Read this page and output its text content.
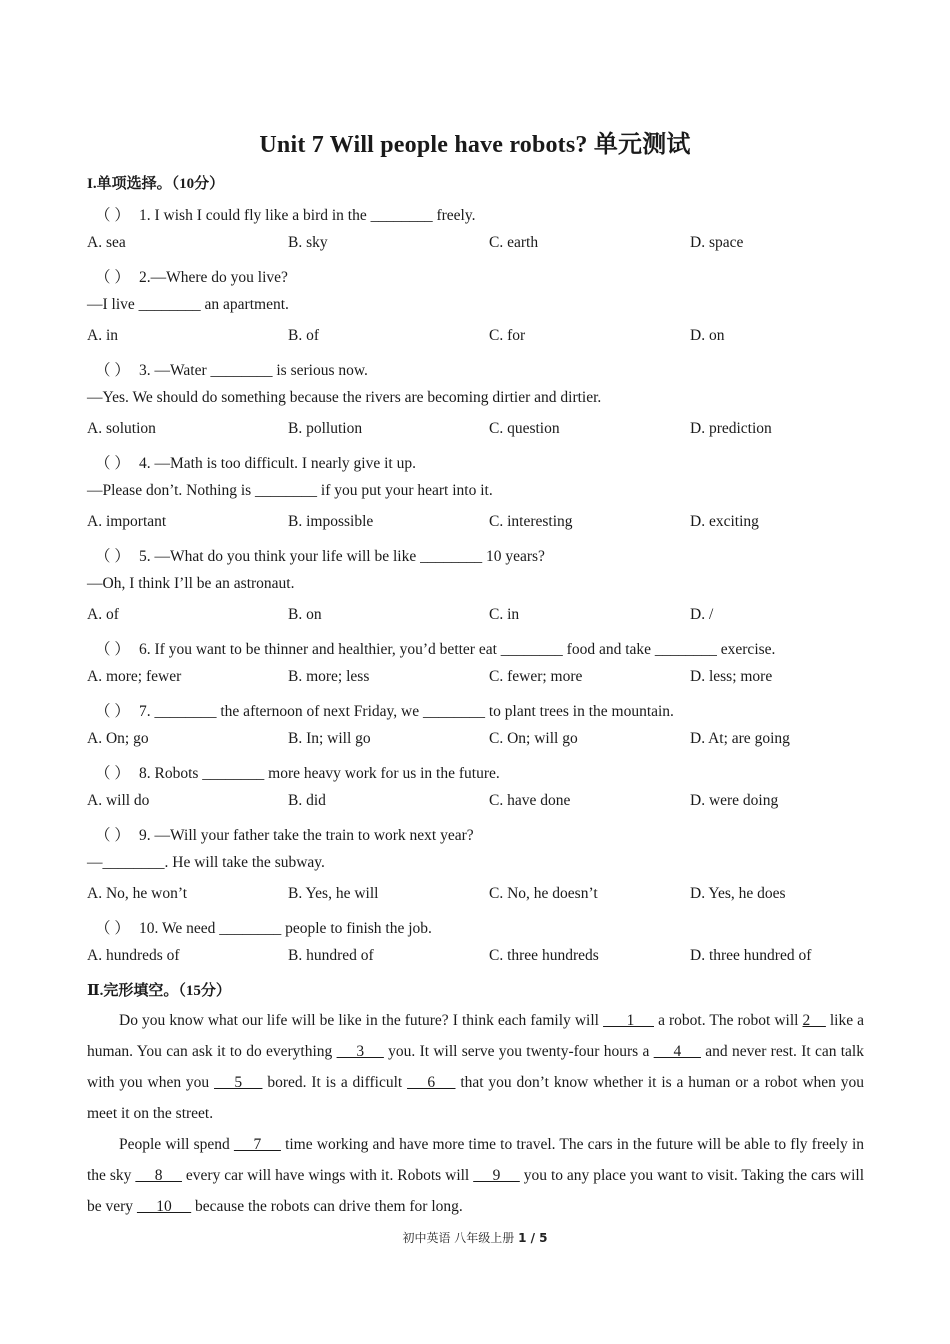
Unit 7 Will people have robots? 单元测试
I.单项选择。（10分）
（ ） 1. I wish I could fly like a bird in the ________ freely.
A. sea	B. sky	C. earth	D. space
（ ） 2.—Where do you live?
—I live ________ an apartment.
A. in	B. of	C. for	D. on
（ ） 3. —Water ________ is serious now.
—Yes. We should do something because the rivers are becoming dirtier and dirtier.
A. solution	B. pollution	C. question	D. prediction
（ ） 4. —Math is too difficult. I nearly give it up.
—Please don’t. Nothing is ________ if you put your heart into it.
A. important	B. impossible	C. interesting	D. exciting
（ ） 5. —What do you think your life will be like ________ 10 years?
—Oh, I think I’ll be an astronaut.
A. of	B. on	C. in	D. /
（ ） 6. If you want to be thinner and healthier, you’d better eat ________ food and take ________ exercise.
A. more; fewer	B. more; less	C. fewer; more	D. less; more
（ ） 7. ________ the afternoon of next Friday, we ________ to plant trees in the mountain.
A. On; go	B. In; will go	C. On; will go	D. At; are going
（ ） 8. Robots ________ more heavy work for us in the future.
A. will do	B. did	C. have done	D. were doing
（ ） 9. —Will your father take the train to work next year?
—________. He will take the subway.
A. No, he won’t	B. Yes, he will	C. No, he doesn’t	D. Yes, he does
（ ） 10. We need ________ people to finish the job.
A. hundreds of	B. hundred of	C. three hundreds	D. three hundred of
Ⅱ.完形填空。（15分）

Do you know what our life will be like in the future? I think each family will   __1__  a robot. The robot will 2__ like a human. You can ask it to do everything  __3__  you. It will serve you twenty-four hours a  __4__  and never rest. It can talk with you when you  __5__  bored. It is a difficult  __6__  that you don’t know whether it is a human or a robot when you meet it on the street.

People will spend  __7__  time working and have more time to travel. The cars in the future will be able to fly freely in the sky  __8__  every car will have wings with it. Robots will  __9__  you to any place you want to visit. Taking the cars will be very  __10__  because the robots can drive them for long.

初中英语 八年级上册 1 / 5
